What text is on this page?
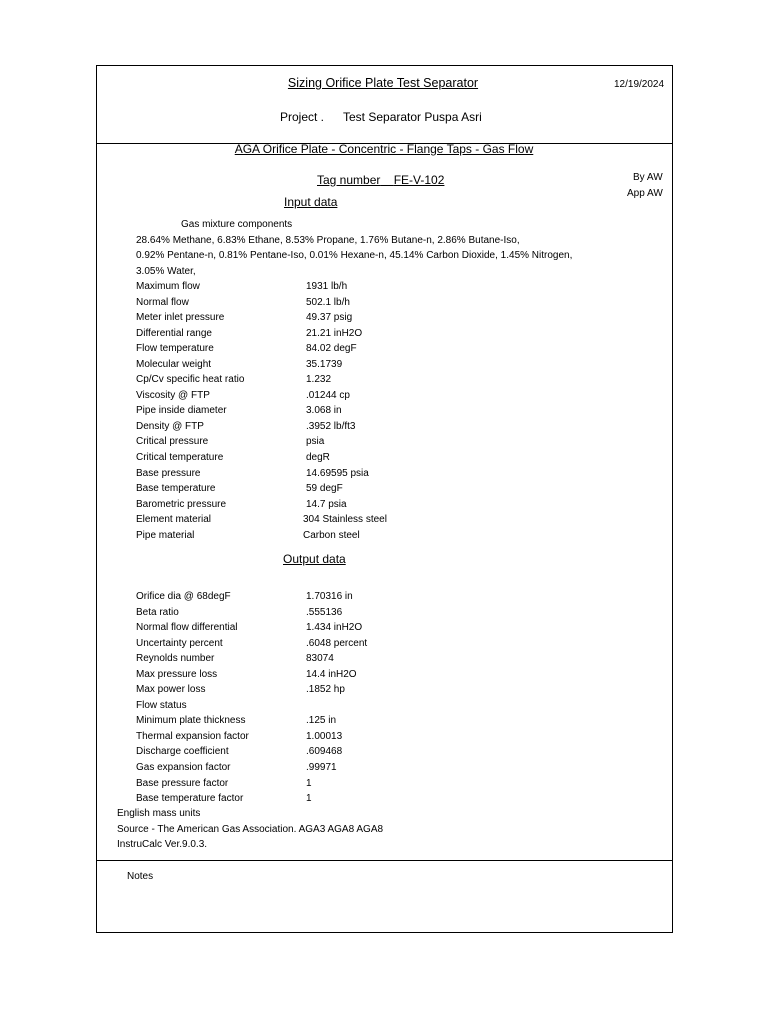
Sizing Orifice Plate Test Separator	12/19/2024
Project . Test Separator Puspa Asri
AGA Orifice Plate - Concentric - Flange Taps - Gas Flow
Tag number FE-V-102	By AW
App AW
Input data
Gas mixture components
28.64% Methane, 6.83% Ethane, 8.53% Propane, 1.76% Butane-n, 2.86% Butane-Iso,
0.92% Pentane-n, 0.81% Pentane-Iso, 0.01% Hexane-n, 45.14% Carbon Dioxide, 1.45% Nitrogen,
3.05% Water,
Maximum flow	1931 lb/h
Normal flow	502.1 lb/h
Meter inlet pressure	49.37 psig
Differential range	21.21 inH2O
Flow temperature	84.02 degF
Molecular weight	35.1739
Cp/Cv specific heat ratio	1.232
Viscosity @ FTP	.01244 cp
Pipe inside diameter	3.068 in
Density @ FTP	.3952 lb/ft3
Critical pressure	psia
Critical temperature	degR
Base pressure	14.69595 psia
Base temperature	59 degF
Barometric pressure	14.7 psia
Element material	304 Stainless steel
Pipe material	Carbon steel
Output data
Orifice dia @ 68degF	1.70316 in
Beta ratio	.555136
Normal flow differential	1.434 inH2O
Uncertainty percent	.6048 percent
Reynolds number	83074
Max pressure loss	14.4 inH2O
Max power loss	.1852 hp
Flow status
Minimum plate thickness	.125 in
Thermal expansion factor	1.00013
Discharge coefficient	.609468
Gas expansion factor	.99971
Base pressure factor	1
Base temperature factor	1
English mass units
Source - The American Gas Association. AGA3 AGA8 AGA8
InstruCalc Ver.9.0.3.
Notes
